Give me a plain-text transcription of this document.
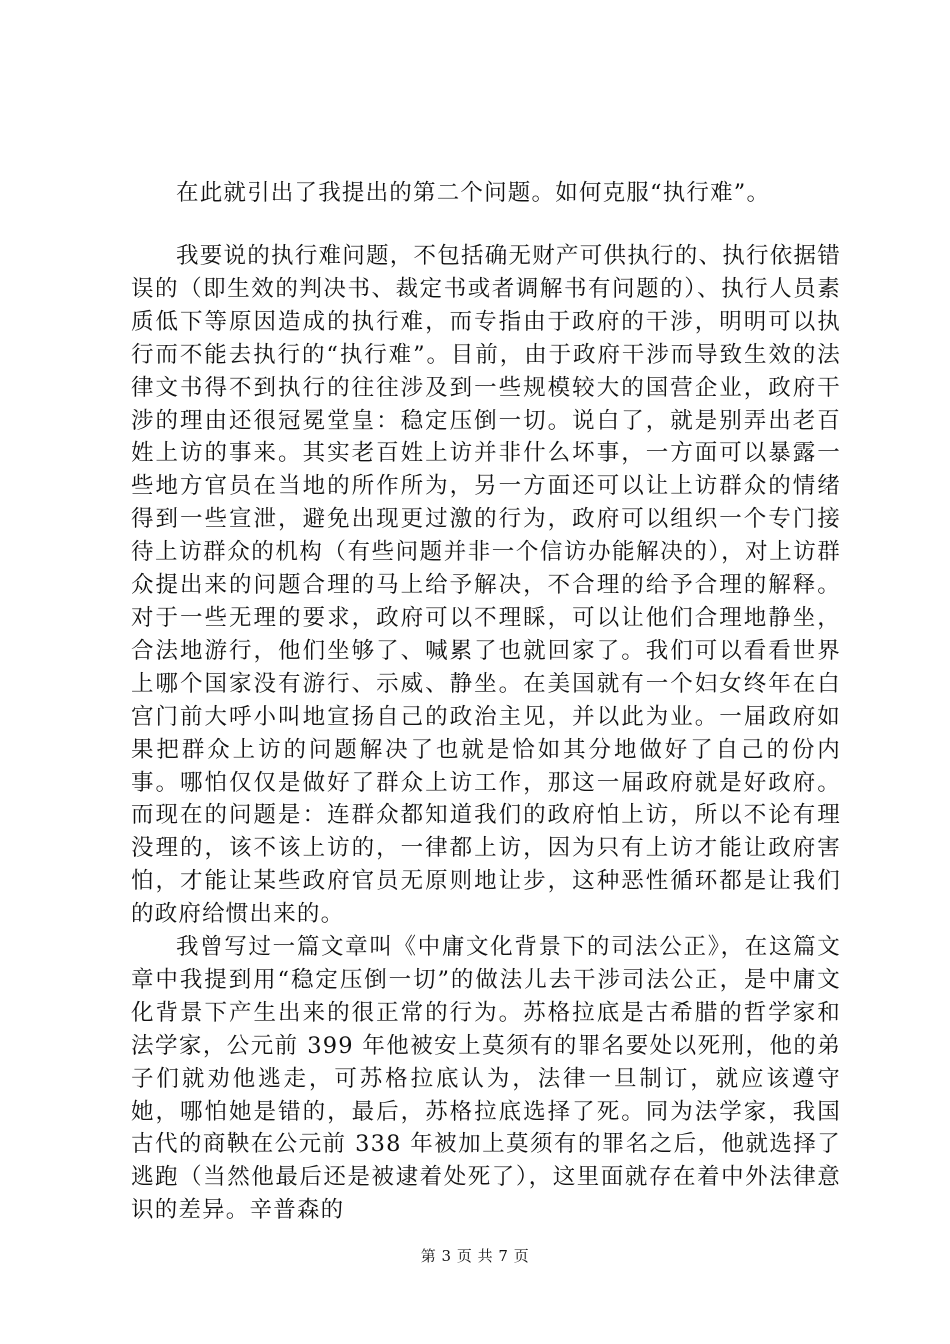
在此就引出了我提出的第二个问题。如何克服“执行难”。

我要说的执行难问题，不包括确无财产可供执行的、执行依据错误的（即生效的判决书、裁定书或者调解书有问题的）、执行人员素质低下等原因造成的执行难，而专指由于政府的干涉，明明可以执行而不能去执行的“执行难”。目前，由于政府干涉而导致生效的法律文书得不到执行的往往涉及到一些规模较大的国营企业，政府干涉的理由还很冠冕堂皇：稳定压倒一切。说白了，就是别弄出老百姓上访的事来。其实老百姓上访并非什么坏事，一方面可以暴露一些地方官员在当地的所作所为，另一方面还可以让上访群众的情绪得到一些宣泄，避免出现更过激的行为，政府可以组织一个专门接待上访群众的机构（有些问题并非一个信访办能解决的），对上访群众提出来的问题合理的马上给予解决，不合理的给予合理的解释。对于一些无理的要求，政府可以不理睬，可以让他们合理地静坐，合法地游行，他们坐够了、喊累了也就回家了。我们可以看看世界上哪个国家没有游行、示威、静坐。在美国就有一个妇女终年在白宫门前大呼小叫地宣扬自己的政治主见，并以此为业。一届政府如果把群众上访的问题解决了也就是恰如其分地做好了自己的份内事。哪怕仅仅是做好了群众上访工作，那这一届政府就是好政府。而现在的问题是：连群众都知道我们的政府怕上访，所以不论有理没理的，该不该上访的，一律都上访，因为只有上访才能让政府害怕，才能让某些政府官员无原则地让步，这种恶性循环都是让我们的政府给惯出来的。

我曾写过一篇文章叫《中庸文化背景下的司法公正》，在这篇文章中我提到用“稳定压倒一切”的做法儿去干涉司法公正，是中庸文化背景下产生出来的很正常的行为。苏格拉底是古希腊的哲学家和法学家，公元前 399 年他被安上莫须有的罪名要处以死刑，他的弟子们就劝他逃走，可苏格拉底认为，法律一旦制订，就应该遵守她，哪怕她是错的，最后，苏格拉底选择了死。同为法学家，我国古代的商鞅在公元前 338 年被加上莫须有的罪名之后，他就选择了逃跑（当然他最后还是被逮着处死了），这里面就存在着中外法律意识的差异。辛普森的

第 3 页 共 7 页
